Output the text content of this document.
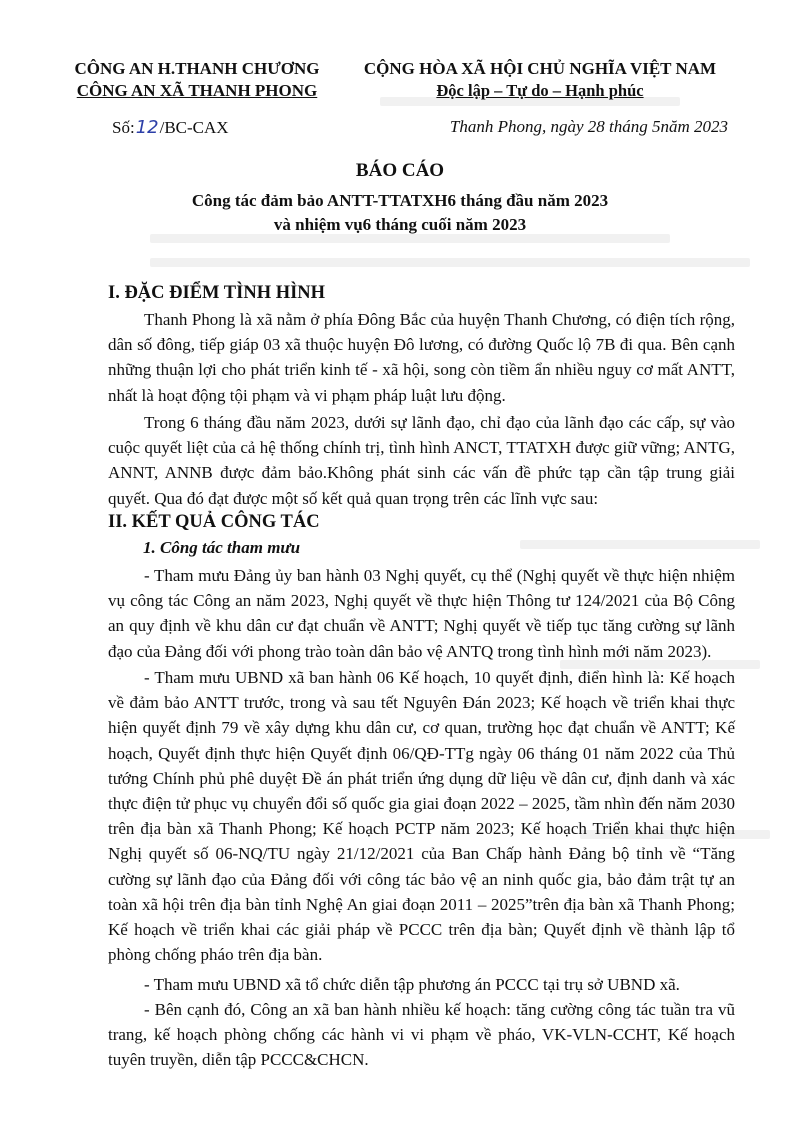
CÔNG AN H.THANH CHƯƠNG
CÔNG AN XÃ THANH PHONG
CỘNG HÒA XÃ HỘI CHỦ NGHĨA VIỆT NAM
Độc lập – Tự do – Hạnh phúc
Số:12/BC-CAX	Thanh Phong, ngày 28 tháng 5năm 2023
BÁO CÁO
Công tác đảm bảo ANTT-TTATXH6 tháng đầu năm 2023
và nhiệm vụ6 tháng cuối năm 2023
I. ĐẶC ĐIỂM TÌNH HÌNH
Thanh Phong là xã nằm ở phía Đông Bắc của huyện Thanh Chương, có điện tích rộng, dân số đông, tiếp giáp 03 xã thuộc huyện Đô lương, có đường Quốc lộ 7B đi qua. Bên cạnh những thuận lợi cho phát triển kinh tế - xã hội, song còn tiềm ẩn nhiều nguy cơ mất ANTT, nhất là hoạt động tội phạm và vi phạm pháp luật lưu động.
Trong 6 tháng đầu năm 2023, dưới sự lãnh đạo, chỉ đạo của lãnh đạo các cấp, sự vào cuộc quyết liệt của cả hệ thống chính trị, tình hình ANCT, TTATXH được giữ vững; ANTG, ANNT, ANNB được đảm bảo.Không phát sinh các vấn đề phức tạp cần tập trung giải quyết. Qua đó đạt được một số kết quả quan trọng trên các lĩnh vực sau:
II. KẾT QUẢ CÔNG TÁC
1. Công tác tham mưu
- Tham mưu Đảng ủy ban hành 03 Nghị quyết, cụ thể (Nghị quyết về thực hiện nhiệm vụ công tác Công an năm 2023, Nghị quyết về thực hiện Thông tư 124/2021 của Bộ Công an quy định về khu dân cư đạt chuẩn về ANTT; Nghị quyết về tiếp tục tăng cường sự lãnh đạo của Đảng đối với phong trào toàn dân bảo vệ ANTQ trong tình hình mới năm 2023).
- Tham mưu UBND xã ban hành 06 Kế hoạch, 10 quyết định, điển hình là: Kế hoạch về đảm bảo ANTT trước, trong và sau tết Nguyên Đán 2023; Kế hoạch về triển khai thực hiện quyết định 79 về xây dựng khu dân cư, cơ quan, trường học đạt chuẩn về ANTT; Kế hoạch, Quyết định thực hiện Quyết định 06/QĐ-TTg ngày 06 tháng 01 năm 2022 của Thủ tướng Chính phủ phê duyệt Đề án phát triển ứng dụng dữ liệu về dân cư, định danh và xác thực điện tử phục vụ chuyển đổi số quốc gia giai đoạn 2022 – 2025, tầm nhìn đến năm 2030 trên địa bàn xã Thanh Phong; Kế hoạch PCTP năm 2023; Kế hoạch Triển khai thực hiện Nghị quyết số 06-NQ/TU ngày 21/12/2021 của Ban Chấp hành Đảng bộ tỉnh về “Tăng cường sự lãnh đạo của Đảng đối với công tác bảo vệ an ninh quốc gia, bảo đảm trật tự an toàn xã hội trên địa bàn tỉnh Nghệ An giai đoạn 2011 – 2025”trên địa bàn xã Thanh Phong; Kế hoạch về triển khai các giải pháp về PCCC trên địa bàn; Quyết định về thành lập tổ phòng chống pháo trên địa bàn.
- Tham mưu UBND xã tổ chức diễn tập phương án PCCC tại trụ sở UBND xã.
- Bên cạnh đó, Công an xã ban hành nhiều kế hoạch: tăng cường công tác tuần tra vũ trang, kế hoạch phòng chống các hành vi vi phạm về pháo, VK-VLN-CCHT, Kế hoạch tuyên truyền, diễn tập PCCC&CHCN.
